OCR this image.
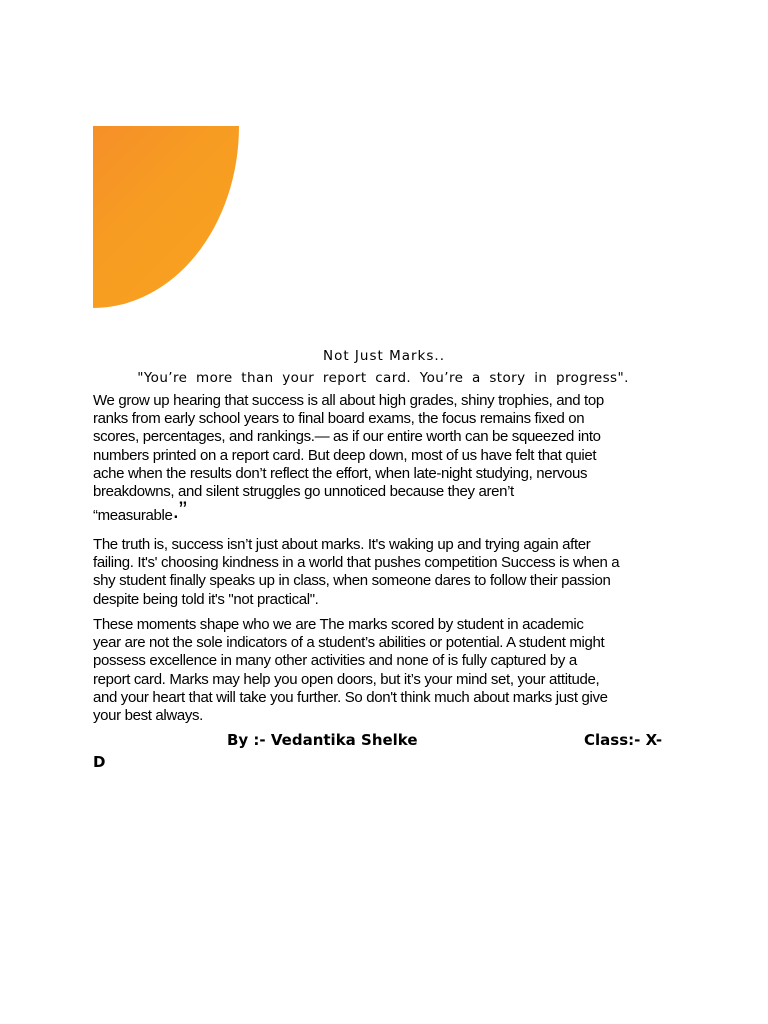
Not Just Marks..
"You’re more than your report card. You’re a story in progress".
We grow up hearing that success is all about high grades, shiny trophies, and top
ranks from early school years to final board exams, the focus remains fixed on
scores, percentages, and rankings.— as if our entire worth can be squeezed into
numbers printed on a report card. But deep down, most of us have felt that quiet
ache when the results don’t reflect the effort, when late-night studying, nervous
breakdowns, and silent struggles go unnoticed because they aren’t
“measurable.”
The truth is, success isn’t just about marks. It's waking up and trying again after
failing. It's' choosing kindness in a world that pushes competition Success is when a
shy student finally speaks up in class, when someone dares to follow their passion
despite being told it's "not practical".
These moments shape who we are The marks scored by student in academic
year are not the sole indicators of a student’s abilities or potential. A student might
possess excellence in many other activities and none of is fully captured by a
report card. Marks may help you open doors, but it’s your mind set, your attitude,
and your heart that will take you further. So don't think much about marks just give
your best always.
By :- Vedantika Shelke	Class:- X-
D
